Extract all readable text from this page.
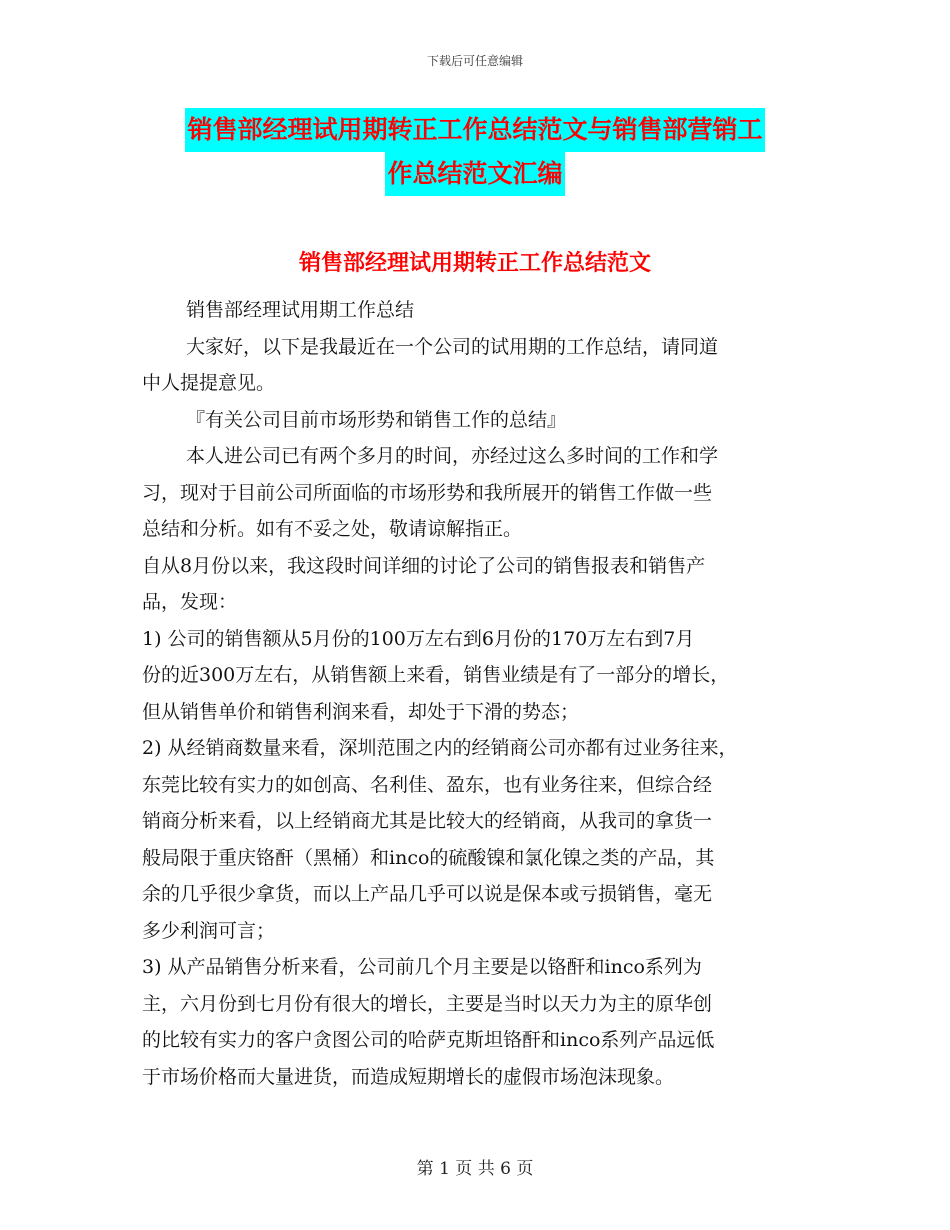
下载后可任意编辑
销售部经理试用期转正工作总结范文与销售部营销工
作总结范文汇编
销售部经理试用期转正工作总结范文

销售部经理试用期工作总结

大家好，以下是我最近在一个公司的试用期的工作总结，请同道

中人提提意见。

『有关公司目前市场形势和销售工作的总结』

本人进公司已有两个多月的时间，亦经过这么多时间的工作和学

习，现对于目前公司所面临的市场形势和我所展开的销售工作做一些

总结和分析。如有不妥之处，敬请谅解指正。

自从8月份以来，我这段时间详细的讨论了公司的销售报表和销售产

品，发现：

1) 公司的销售额从5月份的100万左右到6月份的170万左右到7月

份的近300万左右，从销售额上来看，销售业绩是有了一部分的增长，

但从销售单价和销售利润来看，却处于下滑的势态；

2) 从经销商数量来看，深圳范围之内的经销商公司亦都有过业务往来，

东莞比较有实力的如创高、名利佳、盈东，也有业务往来，但综合经

销商分析来看，以上经销商尤其是比较大的经销商，从我司的拿货一

般局限于重庆铬酐（黑桶）和inco的硫酸镍和氯化镍之类的产品，其

余的几乎很少拿货，而以上产品几乎可以说是保本或亏损销售，毫无

多少利润可言；

3) 从产品销售分析来看，公司前几个月主要是以铬酐和inco系列为

主，六月份到七月份有很大的增长，主要是当时以天力为主的原华创

的比较有实力的客户贪图公司的哈萨克斯坦铬酐和inco系列产品远低

于市场价格而大量进货，而造成短期增长的虚假市场泡沫现象。

第 1 页 共 6 页
